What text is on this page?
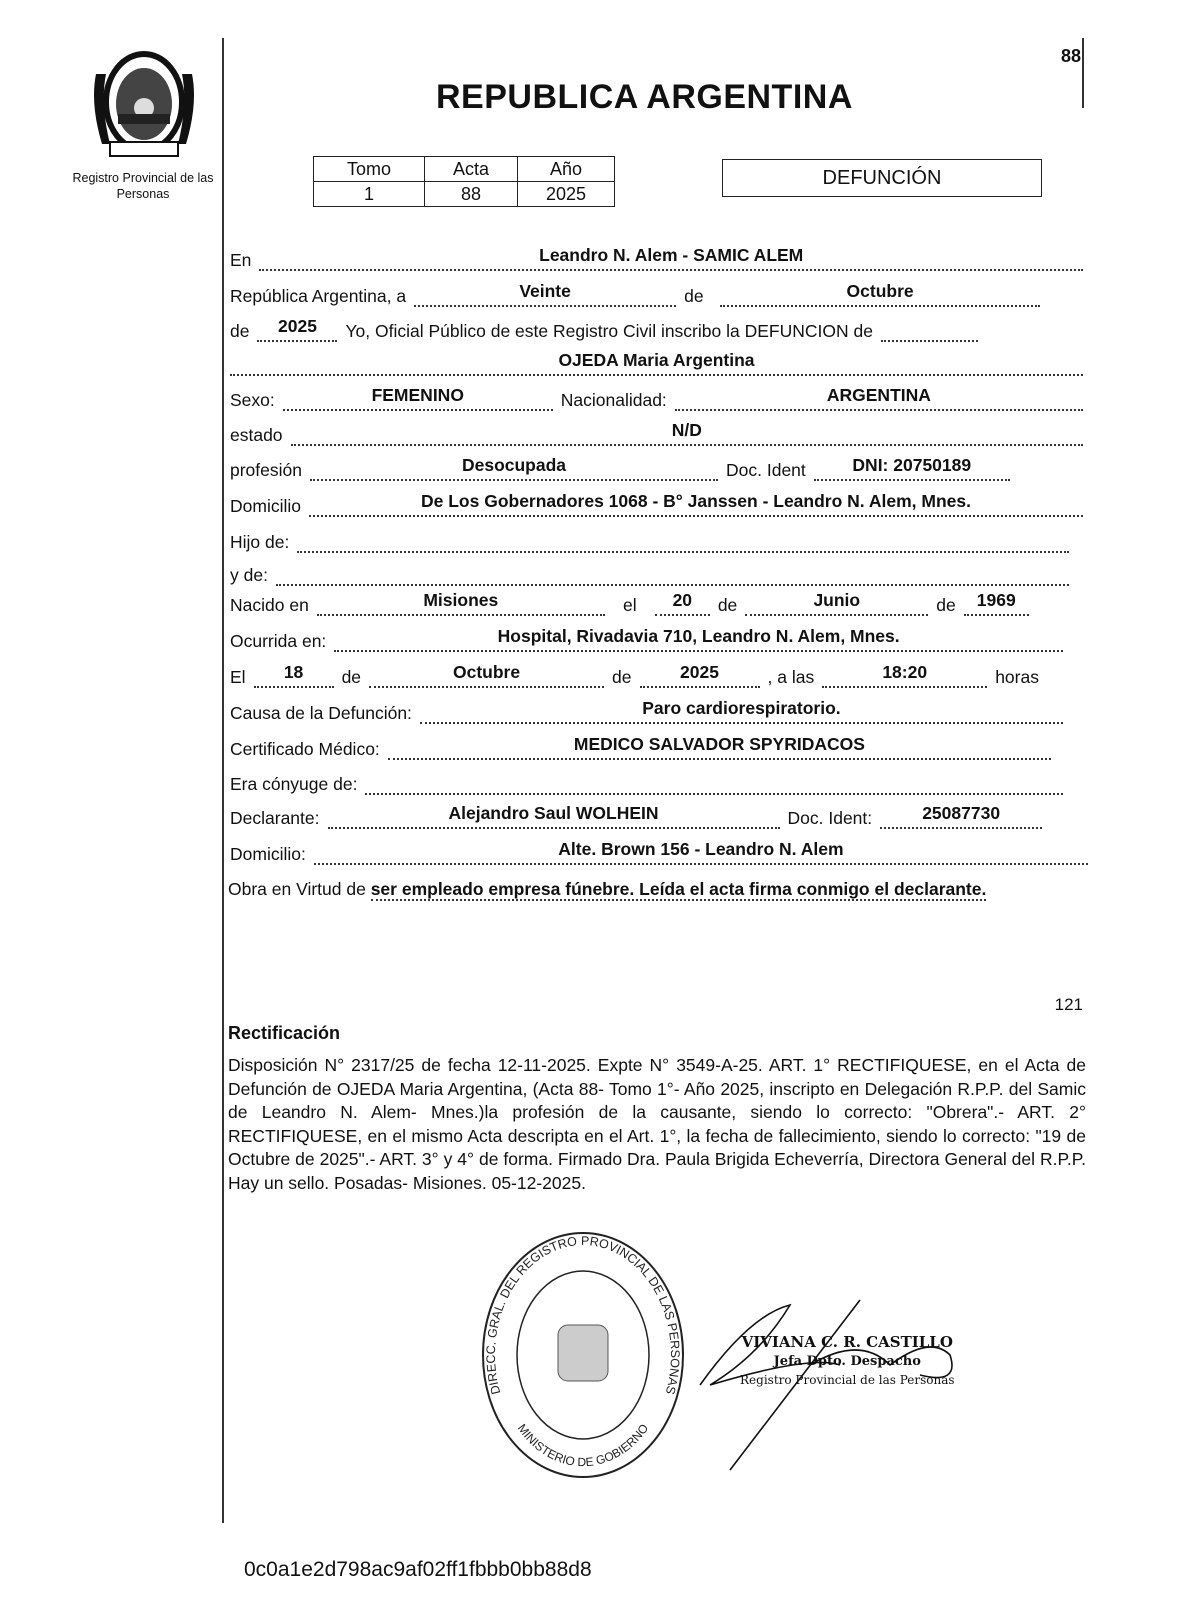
Registro Provincial de las Personas
88
REPUBLICA ARGENTINA
Tomo	Acta	Año
1	88	2025
DEFUNCIÓN
En	Leandro N. Alem - SAMIC ALEM
República Argentina, a	Veinte	de	Octubre
de	2025	Yo, Oficial Público de este Registro Civil inscribo la DEFUNCION de
OJEDA Maria Argentina
Sexo:	FEMENINO	Nacionalidad:	ARGENTINA
estado	N/D
profesión	Desocupada	Doc. Ident	DNI: 20750189
Domicilio	De Los Gobernadores 1068 - B° Janssen - Leandro N. Alem, Mnes.
Hijo de:
y de:
Nacido en	Misiones	el	20	de	Junio	de	1969
Ocurrida en:	Hospital, Rivadavia 710, Leandro N. Alem, Mnes.
El	18	de	Octubre	de	2025	, a las	18:20	horas
Causa de la Defunción:	Paro cardiorespiratorio.
Certificado Médico:	MEDICO SALVADOR SPYRIDACOS
Era cónyuge de:
Declarante:	Alejandro Saul WOLHEIN	Doc. Ident:	25087730
Domicilio:	Alte. Brown 156 - Leandro N. Alem
Obra en Virtud de ser empleado empresa fúnebre. Leída el acta firma conmigo el declarante.
121
Rectificación
Disposición N° 2317/25 de fecha 12-11-2025. Expte N° 3549-A-25. ART. 1° RECTIFIQUESE, en el Acta de Defunción de OJEDA Maria Argentina, (Acta 88- Tomo 1°- Año 2025, inscripto en Delegación R.P.P. del Samic de Leandro N. Alem- Mnes.)la profesión de la causante, siendo lo correcto: "Obrera".- ART. 2° RECTIFIQUESE, en el mismo Acta descripta en el Art. 1°, la fecha de fallecimiento, siendo lo correcto: "19 de Octubre de 2025".- ART. 3° y 4° de forma. Firmado Dra. Paula Brigida Echeverría, Directora General del R.P.P. Hay un sello. Posadas- Misiones. 05-12-2025.
DIRECC. GRAL. DEL REGISTRO PROVINCIAL DE LAS PERSONAS
MINISTERIO DE GOBIERNO
VIVIANA C. R. CASTILLO
Jefa Dpto. Despacho
Registro Provincial de las Personas
0c0a1e2d798ac9af02ff1fbbb0bb88d8
